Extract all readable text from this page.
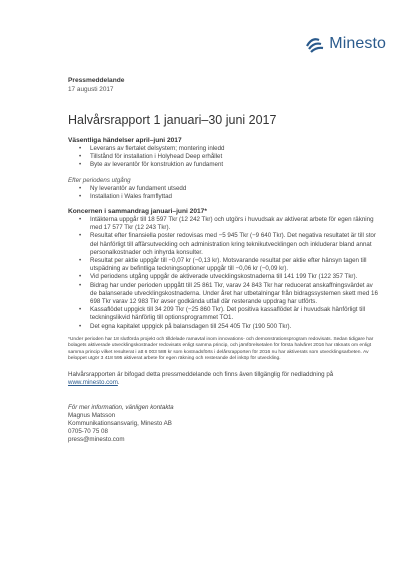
Minesto
Pressmeddelande
17 augusti 2017
Halvårsrapport 1 januari–30 juni 2017
Väsentliga händelser april–juni 2017
• Leverans av flertalet delsystem; montering inledd
• Tillstånd för installation i Holyhead Deep erhållet
• Byte av leverantör för konstruktion av fundament
Efter periodens utgång
• Ny leverantör av fundament utsedd
• Installation i Wales framflyttad
Koncernen i sammandrag januari–juni 2017*
• Intäkterna uppgår till 18 597 Tkr (12 242 Tkr) och utgörs i huvudsak av aktiverat arbete för egen räkning med 17 577 Tkr (12 243 Tkr).
• Resultat efter finansiella poster redovisas med −5 945 Tkr (−9 640 Tkr). Det negativa resultatet är till stor del hänförligt till affärsutveckling och administration kring teknikutvecklingen och inkluderar bland annat personalkostnader och inhyrda konsulter.
• Resultat per aktie uppgår till −0,07 kr (−0,13 kr). Motsvarande resultat per aktie efter hänsyn tagen till utspädning av befintliga teckningsoptioner uppgår till −0,06 kr (−0,09 kr).
• Vid periodens utgång uppgår de aktiverade utvecklingskostnaderna till 141 199 Tkr (122 357 Tkr).
• Bidrag har under perioden uppgått till 25 861 Tkr, varav 24 843 Tkr har reducerat anskaffningsvärdet av de balanserade utvecklingskostnaderna. Under året har utbetalningar från bidragssystemen skett med 16 698 Tkr varav 12 983 Tkr avser godkända utfall där resterande uppdrag har utförts.
• Kassaflödet uppgick till 34 209 Tkr (−25 860 Tkr). Det positiva kassaflödet är i huvudsak hänförligt till teckningslikvid hänförlig till optionsprogrammet TO1.
• Det egna kapitalet uppgick på balansdagen till 254 405 Tkr (190 500 Tkr).
*Under perioden har 18 slutförda projekt och tilldelade ramavtal inom innovations- och demonstrationsprogram redovisats. Sedan tidigare har bolagets aktiverade utvecklingskostnader redovisats enligt samma princip, och jämförelsetalen för första halvåret 2016 har räknats om enligt samma princip vilket resulterat i att 6 003 588 kr som kostnadsförts i delårsrapporten för 2016 nu har aktiverats som utvecklingsarbeten. Av beloppet utgör 3 418 595 aktiverat arbete för egen räkning och resterande del inköp för utveckling.
Halvårsrapporten är bifogad detta pressmeddelande och finns även tillgänglig för nedladdning på www.minesto.com.
För mer information, vänligen kontakta
Magnus Matsson
Kommunikationsansvarig, Minesto AB
0705-70 75 08
press@minesto.com
